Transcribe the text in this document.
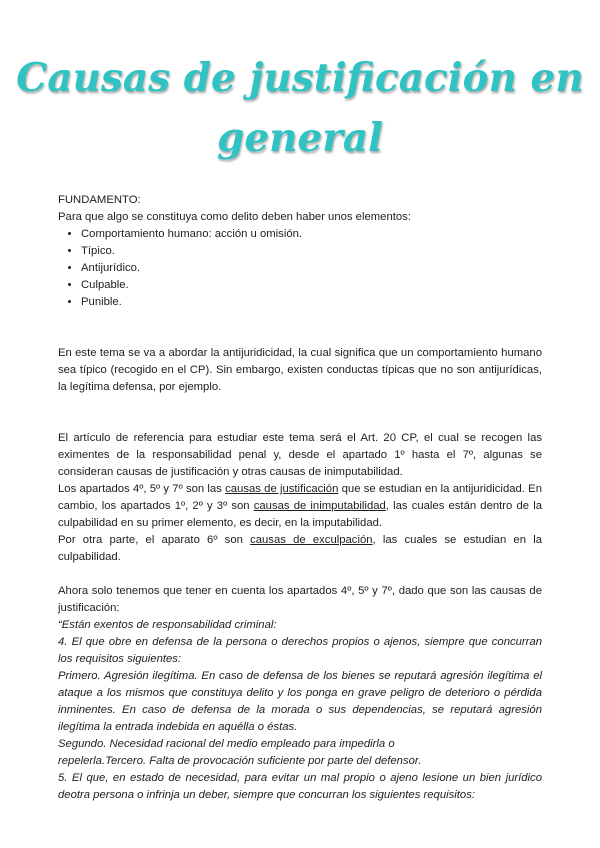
Causas de justificación en
general

FUNDAMENTO:

Para que algo se constituya como delito deben haber unos elementos:

• Comportamiento humano: acción u omisión.
• Típico.
• Antijurídico.
• Culpable.
• Punible.

En este tema se va a abordar la antijuridicidad, la cual significa que un comportamiento humano sea típico (recogido en el CP). Sin embargo, existen conductas típicas que no son antijurídicas, la legítima defensa, por ejemplo.

El artículo de referencia para estudiar este tema será el Art. 20 CP, el cual se recogen las eximentes de la responsabilidad penal y, desde el apartado 1º hasta el 7º, algunas se consideran causas de justificación y otras causas de inimputabilidad.

Los apartados 4º, 5º y 7º son las causas de justificación que se estudian en la antijuridicidad. En cambio, los apartados 1º, 2º y 3º son causas de inimputabilidad, las cuales están dentro de la culpabilidad en su primer elemento, es decir, en la imputabilidad.

Por otra parte, el aparato 6º son causas de exculpación, las cuales se estudian en la culpabilidad.

Ahora solo tenemos que tener en cuenta los apartados 4º, 5º y 7º, dado que son las causas de justificación:

“Están exentos de responsabilidad criminal:

4. El que obre en defensa de la persona o derechos propios o ajenos, siempre que concurran los requisitos siguientes:

Primero. Agresión ilegítima. En caso de defensa de los bienes se reputará agresión ilegítima el ataque a los mismos que constituya delito y los ponga en grave peligro de deterioro o pérdida inminentes. En caso de defensa de la morada o sus dependencias, se reputará agresión ilegítima la entrada indebida en aquélla o éstas.

Segundo. Necesidad racional del medio empleado para impedirla o

repelerla.Tercero. Falta de provocación suficiente por parte del defensor.

5. El que, en estado de necesidad, para evitar un mal propio o ajeno lesione un bien jurídico deotra persona o infrinja un deber, siempre que concurran los siguientes requisitos:
